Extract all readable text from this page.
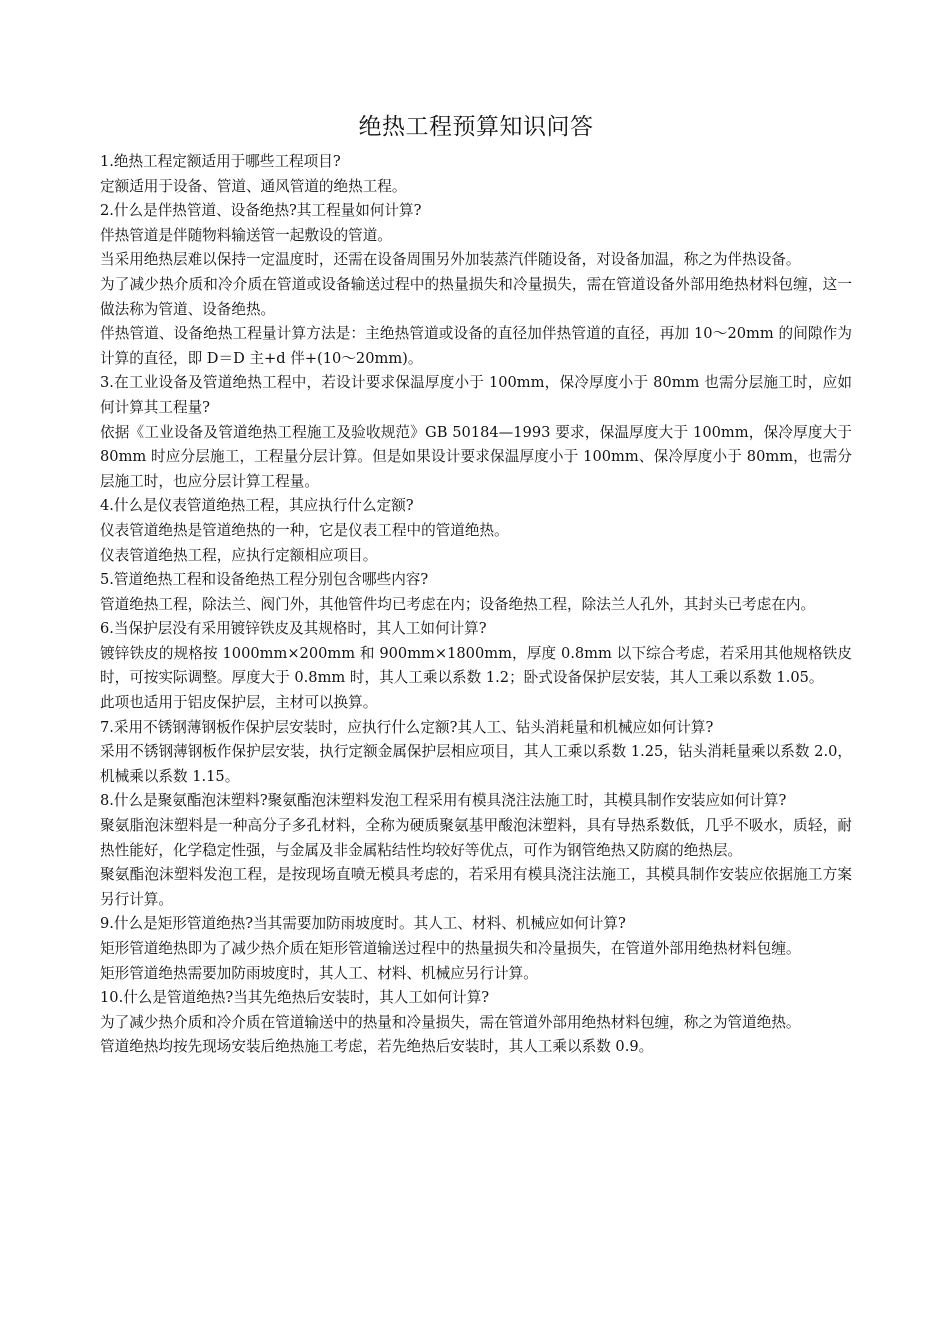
绝热工程预算知识问答

1.绝热工程定额适用于哪些工程项目?

定额适用于设备、管道、通风管道的绝热工程。

2.什么是伴热管道、设备绝热?其工程量如何计算?

伴热管道是伴随物料输送管一起敷设的管道。

当采用绝热层难以保持一定温度时，还需在设备周围另外加装蒸汽伴随设备，对设备加温，称之为伴热设备。

为了减少热介质和冷介质在管道或设备输送过程中的热量损失和冷量损失，需在管道设备外部用绝热材料包缠，这一做法称为管道、设备绝热。

伴热管道、设备绝热工程量计算方法是：主绝热管道或设备的直径加伴热管道的直径，再加 10～20mm 的间隙作为计算的直径，即 D＝D 主+d 伴+(10～20mm)。

3.在工业设备及管道绝热工程中，若设计要求保温厚度小于 100mm，保冷厚度小于 80mm 也需分层施工时，应如何计算其工程量?

依据《工业设备及管道绝热工程施工及验收规范》GB 50184—1993 要求，保温厚度大于 100mm，保冷厚度大于 80mm 时应分层施工，工程量分层计算。但是如果设计要求保温厚度小于 100mm、保冷厚度小于 80mm，也需分层施工时，也应分层计算工程量。

4.什么是仪表管道绝热工程，其应执行什么定额?

仪表管道绝热是管道绝热的一种，它是仪表工程中的管道绝热。

仪表管道绝热工程，应执行定额相应项目。

5.管道绝热工程和设备绝热工程分别包含哪些内容?

管道绝热工程，除法兰、阀门外，其他管件均已考虑在内；设备绝热工程，除法兰人孔外，其封头已考虑在内。

6.当保护层没有采用镀锌铁皮及其规格时，其人工如何计算?

镀锌铁皮的规格按 1000mm×200mm 和 900mm×1800mm，厚度 0.8mm 以下综合考虑，若采用其他规格铁皮时，可按实际调整。厚度大于 0.8mm 时，其人工乘以系数 1.2；卧式设备保护层安装，其人工乘以系数 1.05。

此项也适用于铝皮保护层，主材可以换算。

7.采用不锈钢薄钢板作保护层安装时，应执行什么定额?其人工、钻头消耗量和机械应如何计算?

采用不锈钢薄钢板作保护层安装，执行定额金属保护层相应项目，其人工乘以系数 1.25，钻头消耗量乘以系数 2.0，机械乘以系数 1.15。

8.什么是聚氨酯泡沫塑料?聚氨酯泡沫塑料发泡工程采用有模具浇注法施工时，其模具制作安装应如何计算?

聚氨脂泡沫塑料是一种高分子多孔材料，全称为硬质聚氨基甲酸泡沫塑料，具有导热系数低，几乎不吸水，质轻，耐热性能好，化学稳定性强，与金属及非金属粘结性均较好等优点，可作为钢管绝热又防腐的绝热层。

聚氨酯泡沫塑料发泡工程，是按现场直喷无模具考虑的，若采用有模具浇注法施工，其模具制作安装应依据施工方案另行计算。

9.什么是矩形管道绝热?当其需要加防雨坡度时。其人工、材料、机械应如何计算?

矩形管道绝热即为了减少热介质在矩形管道输送过程中的热量损失和冷量损失，在管道外部用绝热材料包缠。

矩形管道绝热需要加防雨坡度时，其人工、材料、机械应另行计算。

10.什么是管道绝热?当其先绝热后安装时，其人工如何计算?

为了减少热介质和冷介质在管道输送中的热量和冷量损失，需在管道外部用绝热材料包缠，称之为管道绝热。

管道绝热均按先现场安装后绝热施工考虑，若先绝热后安装时，其人工乘以系数 0.9。
